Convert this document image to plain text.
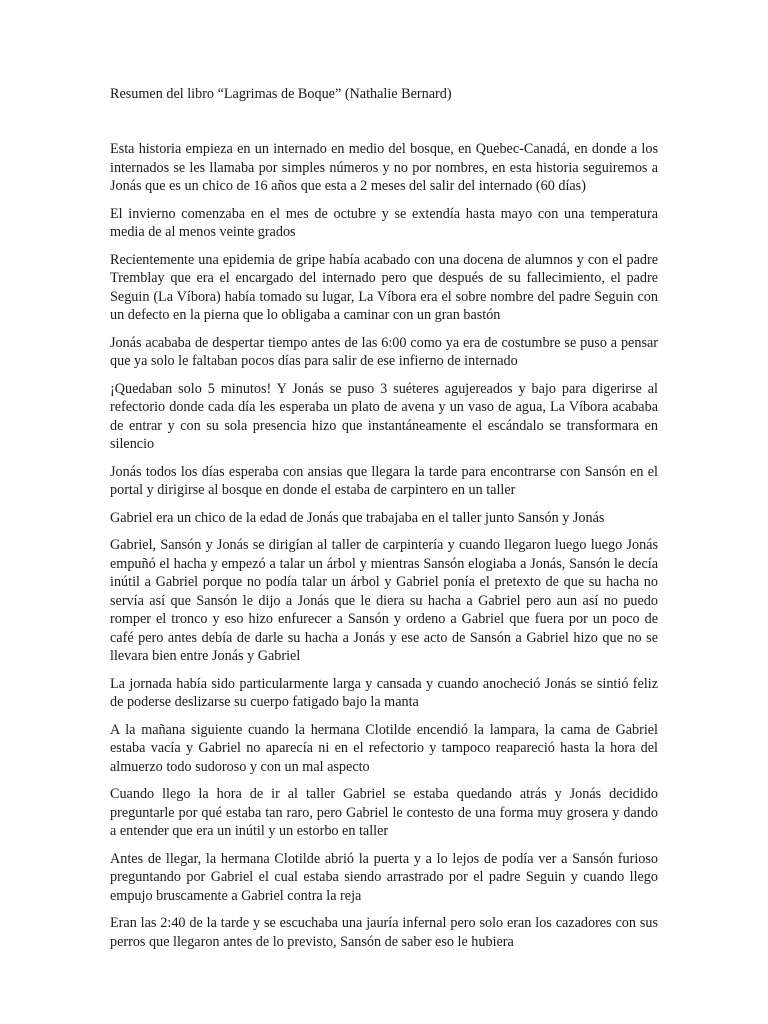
Resumen del libro “Lagrimas de Boque” (Nathalie Bernard)

Esta historia empieza en un internado en medio del bosque, en Quebec-Canadá, en donde a los internados se les llamaba por simples números y no por nombres, en esta historia seguiremos a Jonás que es un chico de 16 años que esta a 2 meses del salir del internado (60 días)

El invierno comenzaba en el mes de octubre y se extendía hasta mayo con una temperatura media de al menos veinte grados

Recientemente una epidemia de gripe había acabado con una docena de alumnos y con el padre Tremblay que era el encargado del internado pero que después de su fallecimiento, el padre Seguin (La Víbora) había tomado su lugar, La Víbora era el sobre nombre del padre Seguin con un defecto en la pierna que lo obligaba a caminar con un gran bastón

Jonás acababa de despertar tiempo antes de las 6:00 como ya era de costumbre se puso a pensar que ya solo le faltaban pocos días para salir de ese infierno de internado

¡Quedaban solo 5 minutos! Y Jonás se puso 3 suéteres agujereados y bajo para digerirse al refectorio donde cada día les esperaba un plato de avena y un vaso de agua, La Víbora acababa de entrar y con su sola presencia hizo que instantáneamente el escándalo se transformara en silencio

Jonás todos los días esperaba con ansias que llegara la tarde para encontrarse con Sansón en el portal y dirigirse al bosque en donde el estaba de carpintero en un taller

Gabriel era un chico de la edad de Jonás que trabajaba en el taller junto Sansón y Jonás

Gabriel, Sansón y Jonás se dirigían al taller de carpintería y cuando llegaron luego luego Jonás empuñó el hacha y empezó a talar un árbol y mientras Sansón elogiaba a Jonás, Sansón le decía inútil a Gabriel porque no podía talar un árbol y Gabriel ponía el pretexto de que su hacha no servía así que Sansón le dijo a Jonás que le diera su hacha a Gabriel pero aun así no puedo romper el tronco y eso hizo enfurecer a Sansón y ordeno a Gabriel que fuera por un poco de café pero antes debía de darle su hacha a Jonás y ese acto de Sansón a Gabriel hizo que no se llevara bien entre Jonás y Gabriel

La jornada había sido particularmente larga y cansada y cuando anocheció Jonás se sintió feliz de poderse deslizarse su cuerpo fatigado bajo la manta

A la mañana siguiente cuando la hermana Clotilde encendió la lampara, la cama de Gabriel estaba vacía y Gabriel no aparecía ni en el refectorio y tampoco reapareció hasta la hora del almuerzo todo sudoroso y con un mal aspecto

Cuando llego la hora de ir al taller Gabriel se estaba quedando atrás y Jonás decidido preguntarle por qué estaba tan raro, pero Gabriel le contesto de una forma muy grosera y dando a entender que era un inútil y un estorbo en taller

Antes de llegar, la hermana Clotilde abrió la puerta y a lo lejos de podía ver a Sansón furioso preguntando por Gabriel el cual estaba siendo arrastrado por el padre Seguin y cuando llego empujo bruscamente a Gabriel contra la reja

Eran las 2:40 de la tarde y se escuchaba una jauría infernal pero solo eran los cazadores con sus perros que llegaron antes de lo previsto, Sansón de saber eso le hubiera
